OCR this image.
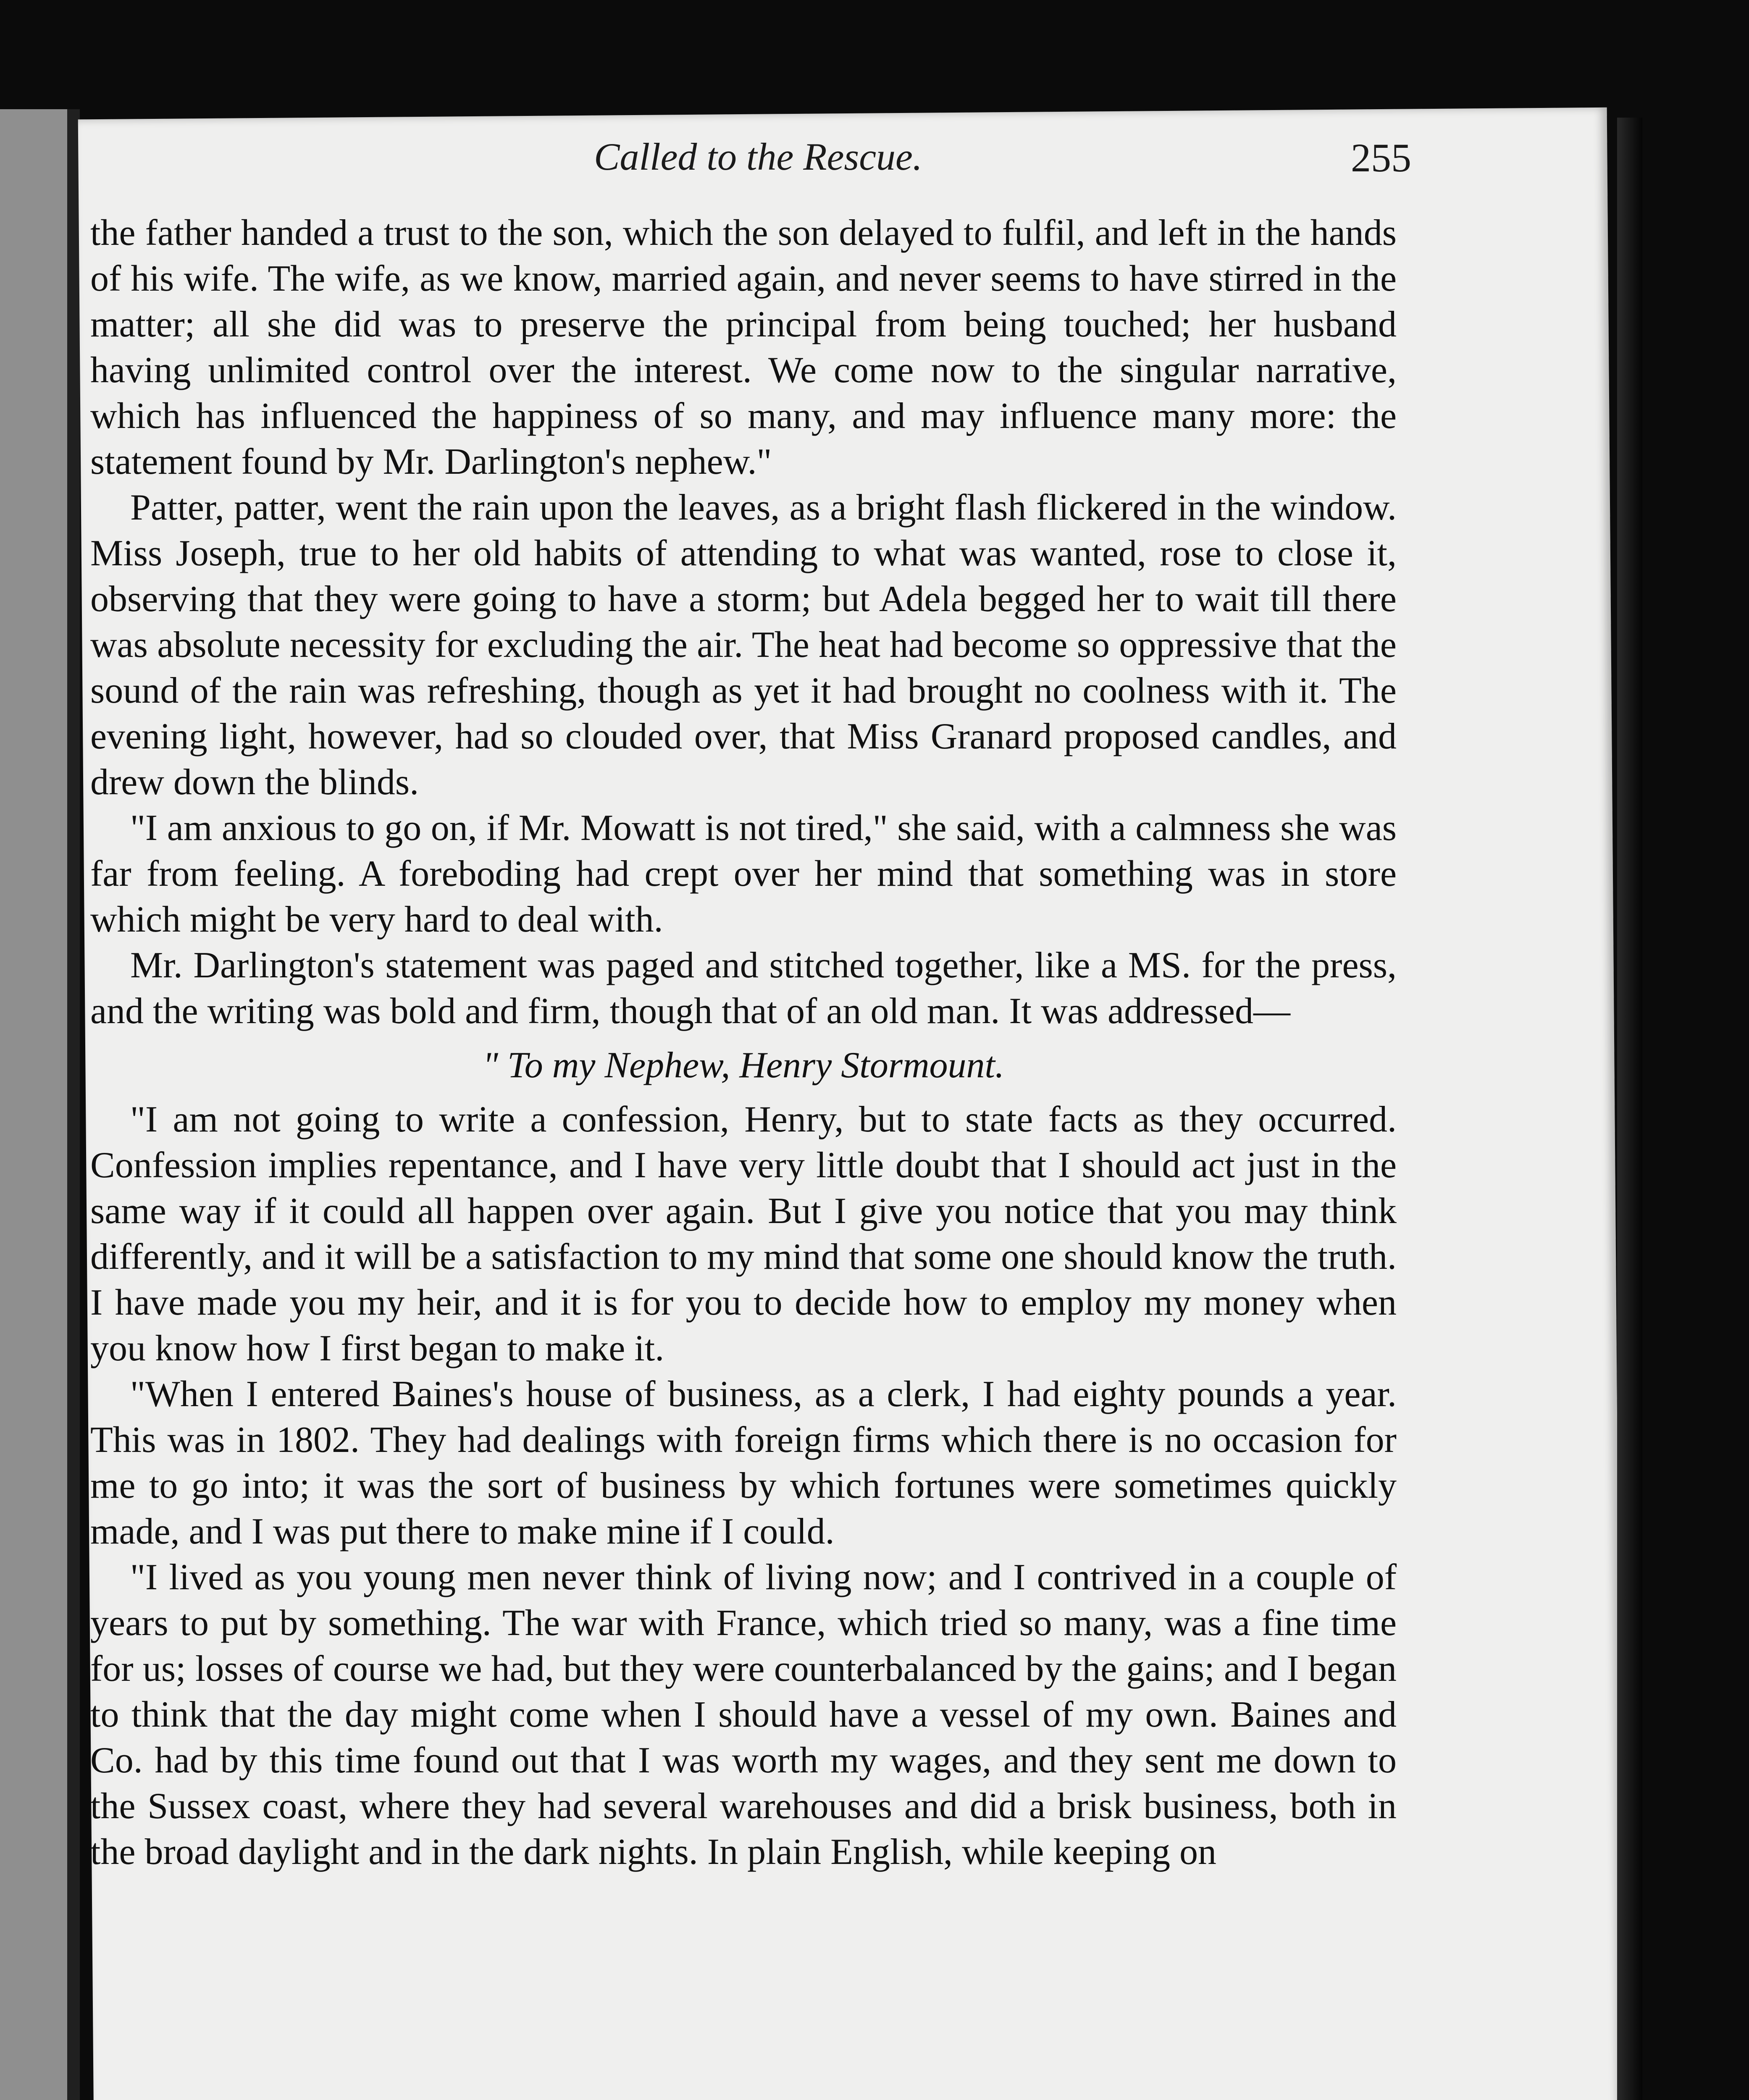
Called to the Rescue.	255

the father handed a trust to the son, which the son delayed to fulfil, and left in the hands of his wife. The wife, as we know, married again, and never seems to have stirred in the matter; all she did was to preserve the principal from being touched; her husband having unlimited control over the interest. We come now to the singular narrative, which has influenced the happiness of so many, and may influence many more: the statement found by Mr. Darlington's nephew."

Patter, patter, went the rain upon the leaves, as a bright flash flickered in the window. Miss Joseph, true to her old habits of attending to what was wanted, rose to close it, observing that they were going to have a storm; but Adela begged her to wait till there was absolute necessity for excluding the air. The heat had become so oppressive that the sound of the rain was refreshing, though as yet it had brought no coolness with it. The evening light, however, had so clouded over, that Miss Granard proposed candles, and drew down the blinds.

"I am anxious to go on, if Mr. Mowatt is not tired," she said, with a calmness she was far from feeling. A foreboding had crept over her mind that something was in store which might be very hard to deal with.

Mr. Darlington's statement was paged and stitched together, like a MS. for the press, and the writing was bold and firm, though that of an old man. It was addressed—

" To my Nephew, Henry Stormount.

"I am not going to write a confession, Henry, but to state facts as they occurred. Confession implies repentance, and I have very little doubt that I should act just in the same way if it could all happen over again. But I give you notice that you may think differently, and it will be a satisfaction to my mind that some one should know the truth. I have made you my heir, and it is for you to decide how to employ my money when you know how I first began to make it.

"When I entered Baines's house of business, as a clerk, I had eighty pounds a year. This was in 1802. They had dealings with foreign firms which there is no occasion for me to go into; it was the sort of business by which fortunes were sometimes quickly made, and I was put there to make mine if I could.

"I lived as you young men never think of living now; and I contrived in a couple of years to put by something. The war with France, which tried so many, was a fine time for us; losses of course we had, but they were counterbalanced by the gains; and I began to think that the day might come when I should have a vessel of my own. Baines and Co. had by this time found out that I was worth my wages, and they sent me down to the Sussex coast, where they had several warehouses and did a brisk business, both in the broad daylight and in the dark nights. In plain English, while keeping on
